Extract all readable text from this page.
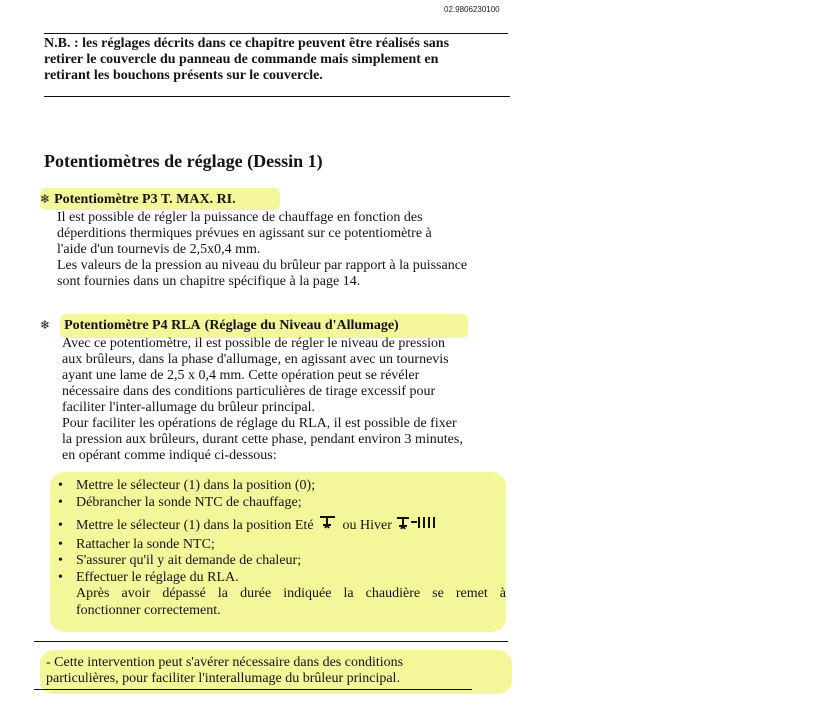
02.9806230100

N.B. : les réglages décrits dans ce chapitre peuvent être réalisés sans

retirer le couvercle du panneau de commande mais simplement en

retirant les bouchons présents sur le couvercle.

Potentiomètres de réglage (Dessin 1)
❄ Potentiomètre P3 T. MAX. RI.
Il est possible de régler la puissance de chauffage en fonction des
déperditions thermiques prévues en agissant sur ce potentiomètre à
l'aide d'un tournevis de 2,5x0,4 mm.
Les valeurs de la pression au niveau du brûleur par rapport à la puissance
sont fournies dans un chapitre spécifique à la page 14.
❄ Potentiomètre P4 RLA (Réglage du Niveau d'Allumage)
Avec ce potentiomètre, il est possible de régler le niveau de pression
aux brûleurs, dans la phase d'allumage, en agissant avec un tournevis
ayant une lame de 2,5 x 0,4 mm. Cette opération peut se révéler
nécessaire dans des conditions particulières de tirage excessif pour
faciliter l'inter-allumage du brûleur principal.
Pour faciliter les opérations de réglage du RLA, il est possible de fixer
la pression aux brûleurs, durant cette phase, pendant environ 3 minutes,
en opérant comme indiqué ci-dessous:
• Mettre le sélecteur (1) dans la position (0);
• Débrancher la sonde NTC de chauffage;
• Mettre le sélecteur (1) dans la position Eté ou Hiver
• Rattacher la sonde NTC;
• S'assurer qu'il y ait demande de chaleur;
• Effectuer le réglage du RLA.
Après avoir dépassé la durée indiquée la chaudière se remet à
fonctionner correctement.
- Cette intervention peut s'avérer nécessaire dans des conditions
particulières, pour faciliter l'interallumage du brûleur principal.
